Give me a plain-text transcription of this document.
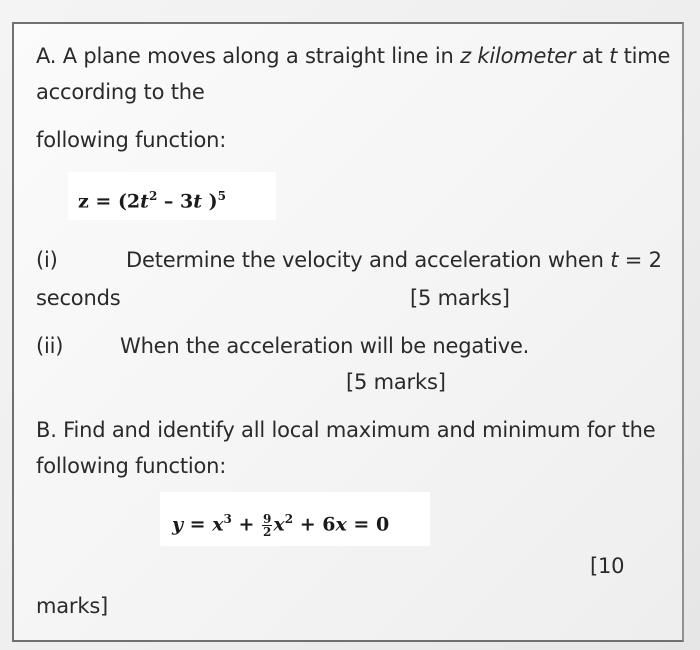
A. A plane moves along a straight line in z kilometer at t time
according to the
following function:
$z = (2t^2 - 3t$ )$^5$
(i)	Determine the velocity and acceleration when t = 2
seconds	[5 marks]
(ii)	When the acceleration will be negative.
[5 marks]
B. Find and identify all local maximum and minimum for the
following function:
$y = x^3 + \frac{9}{2} x^2 + 6x = 0$
[10
marks]
